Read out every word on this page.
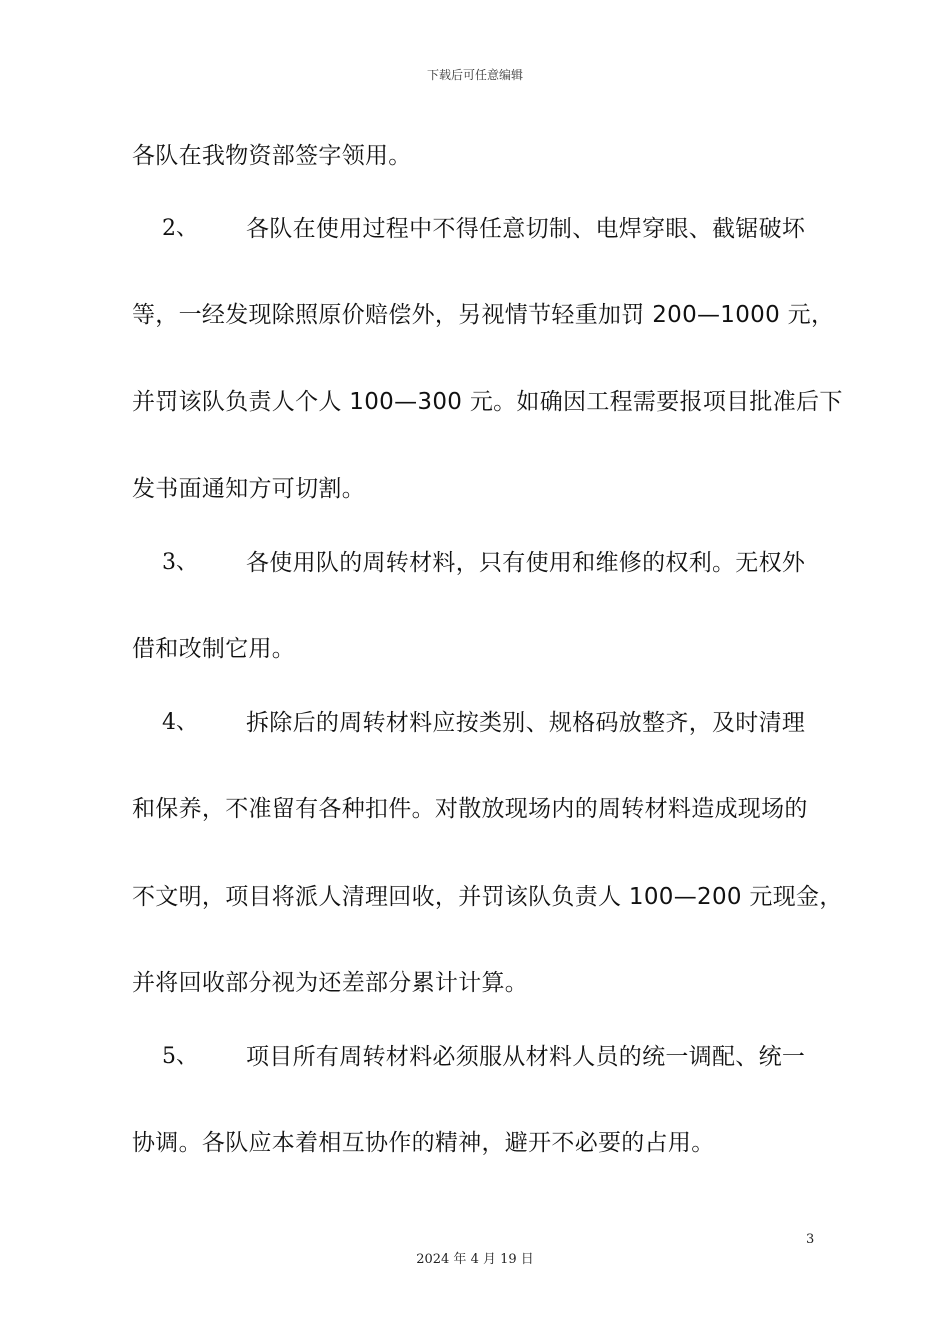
下载后可任意编辑
各队在我物资部签字领用。
2、 各队在使用过程中不得任意切制、电焊穿眼、截锯破坏
等，一经发现除照原价赔偿外，另视情节轻重加罚 200—1000 元，
并罚该队负责人个人 100—300 元。如确因工程需要报项目批准后下
发书面通知方可切割。
3、 各使用队的周转材料，只有使用和维修的权利。无权外
借和改制它用。
4、 拆除后的周转材料应按类别、规格码放整齐，及时清理
和保养，不准留有各种扣件。对散放现场内的周转材料造成现场的
不文明，项目将派人清理回收，并罚该队负责人 100—200 元现金，
并将回收部分视为还差部分累计计算。
5、 项目所有周转材料必须服从材料人员的统一调配、统一
协调。各队应本着相互协作的精神，避开不必要的占用。
3
2024 年 4 月 19 日
